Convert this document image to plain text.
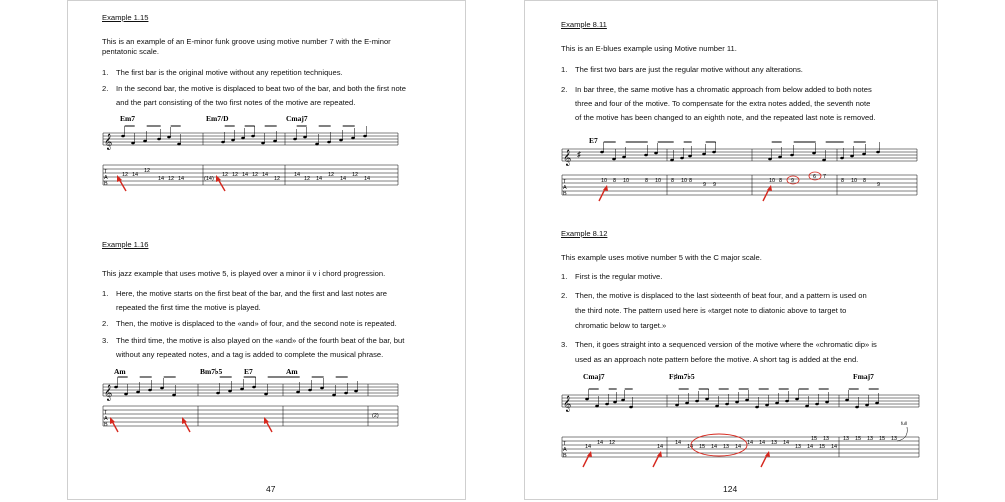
Example 1.15
This is an example of an E-minor funk groove using motive number 7 with the E-minor
pentatonic scale.
1. The first bar is the original motive without any repetition techniques.
2. In the second bar, the motive is displaced to beat two of the bar, and both the first note
and the part consisting of the two first notes of the motive are repeated.
Em7	Em7/D	Cmaj7
𝄞
T
A
B
12 14
12
14 12 14	(14)
12 12 14 12 14
12
14
12 14
12
14
12
14
Example 1.16
This jazz example that uses motive 5, is played over a minor ii v i chord progression.
1. Here, the motive starts on the first beat of the bar, and the first and last notes are
repeated the first time the motive is played.
2. Then, the motive is displaced to the «and» of four, and the second note is repeated.
3. The third time, the motive is also played on the «and» of the fourth beat of the bar, but
without any repeated notes, and a tag is added to complete the musical phrase.
Am	Bm7♭5	E7	Am
𝄞
T
A
B
(2)
47
Example 8.11
This is an E-blues example using Motive number 11.
1. The first two bars are just the regular motive without any alterations.
2. In bar three, the same motive has a chromatic approach from below added to both notes
three and four of the motive. To compensate for the extra notes added, the seventh note
of the motive has been changed to an eighth note, and the repeated last note is removed.
E7
𝄞 ♯
T
A
B
10 8 10	8 10 8 10 8
9 9
10 8 9
6 7
8 10 8
9
Example 8.12
This example uses motive number 5 with the C major scale.
1. First is the regular motive.
2. Then, the motive is displaced to the last sixteenth of beat four, and a pattern is used on
the third note. The pattern used here is «target note to diatonic above to target to
chromatic below to target.»
3. Then, it goes straight into a sequenced version of the motive where the «chromatic dip» is
used as an approach note pattern before the motive. A short tag is added at the end.
Cmaj7	F♯m7♭5	Fmaj7
𝄞
T
A
B
14
14 12
14
14
14 15 14 13 14
14 14 13 14
13 14 15 14
15 13	13 15 13 15 13
full
124
